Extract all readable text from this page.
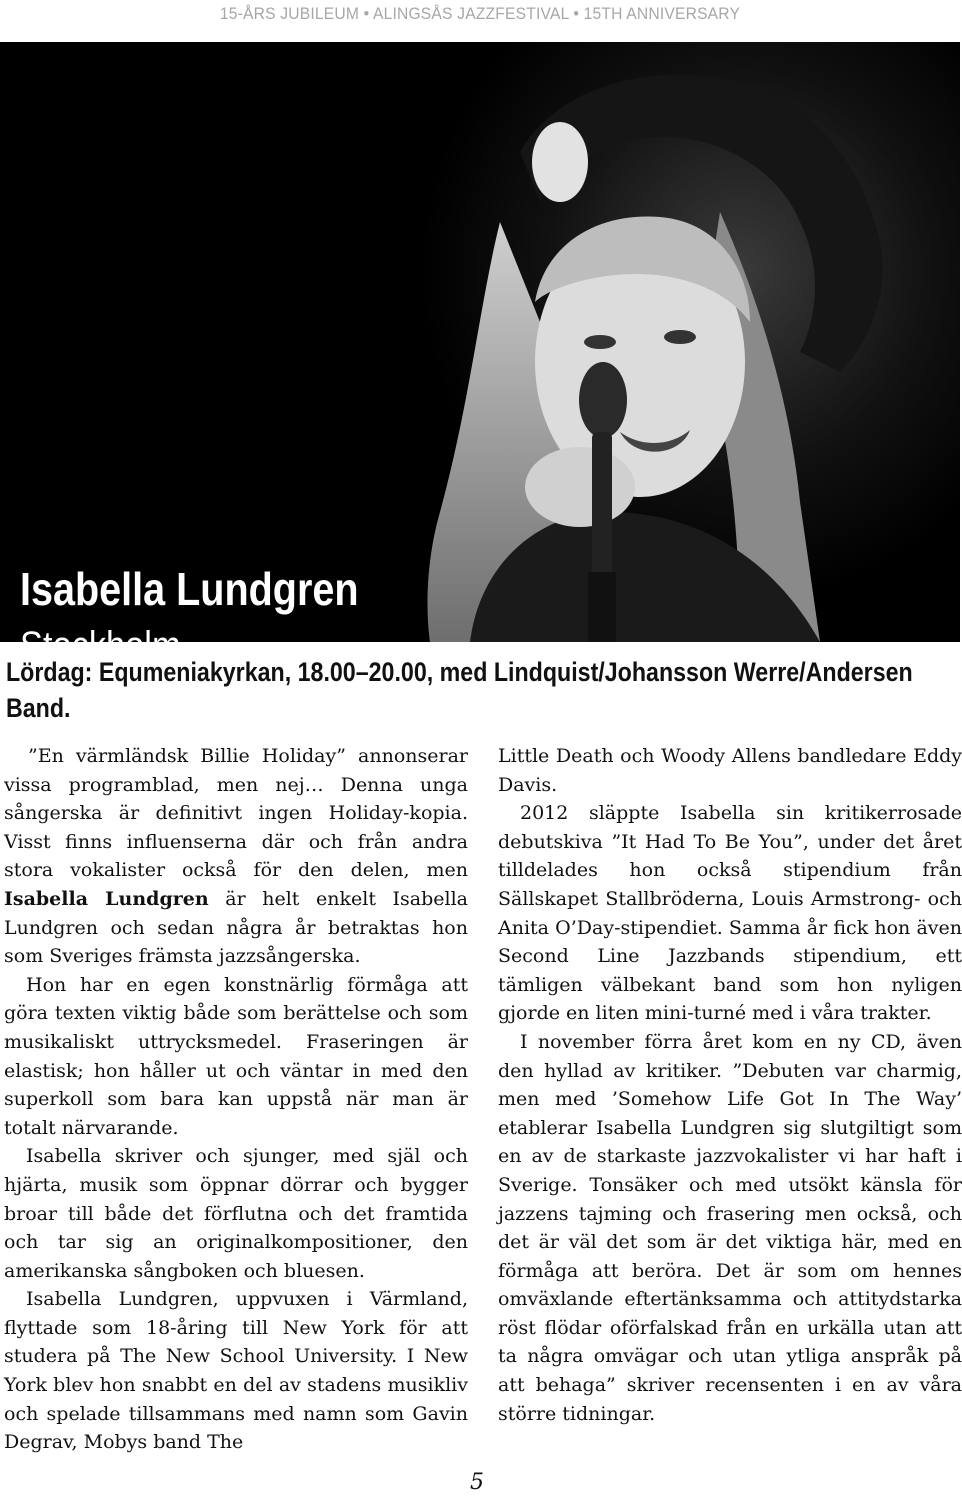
15-ÅRS JUBILEUM • ALINGSÅS JAZZFESTIVAL • 15TH ANNIVERSARY
Isabella Lundgren
Stockholm
Lördag: Equmeniakyrkan, 18.00–20.00, med Lindquist/Johansson Werre/Andersen Band.

”En värmländsk Billie Holiday” annonserar vissa programblad, men nej… Denna unga sångerska är definitivt ingen Holiday-kopia. Visst finns influenserna där och från andra stora vokalister också för den delen, men Isabella Lundgren är helt enkelt Isabella Lundgren och sedan några år betraktas hon som Sveriges främsta jazzsångerska.

Hon har en egen konstnärlig förmåga att göra texten viktig både som berättelse och som musikaliskt uttrycksmedel. Fraseringen är elastisk; hon håller ut och väntar in med den superkoll som bara kan uppstå när man är totalt närvarande.

Isabella skriver och sjunger, med själ och hjärta, musik som öppnar dörrar och bygger broar till både det förflutna och det framtida och tar sig an originalkompositioner, den amerikanska sångboken och bluesen.

Isabella Lundgren, uppvuxen i Värmland, flyttade som 18-åring till New York för att studera på The New School University. I New York blev hon snabbt en del av stadens musikliv och spelade tillsammans med namn som Gavin Degrav, Mobys band The

Little Death och Woody Allens bandledare Eddy Davis.

2012 släppte Isabella sin kritikerrosade debutskiva ”It Had To Be You”, under det året tilldelades hon också stipendium från Sällskapet Stallbröderna, Louis Armstrong- och Anita O’Day-stipendiet. Samma år fick hon även Second Line Jazzbands stipendium, ett tämligen välbekant band som hon nyligen gjorde en liten mini-turné med i våra trakter.

I november förra året kom en ny CD, även den hyllad av kritiker. ”Debuten var charmig, men med ’Somehow Life Got In The Way’ etablerar Isabella Lundgren sig slutgiltigt som en av de starkaste jazzvokalister vi har haft i Sverige. Tonsäker och med utsökt känsla för jazzens tajming och frasering men också, och det är väl det som är det viktiga här, med en förmåga att beröra. Det är som om hennes omväxlande eftertänksamma och attitydstarka röst flödar oförfalskad från en urkälla utan att ta några omvägar och utan ytliga anspråk på att behaga” skriver recensenten i en av våra större tidningar.

5
